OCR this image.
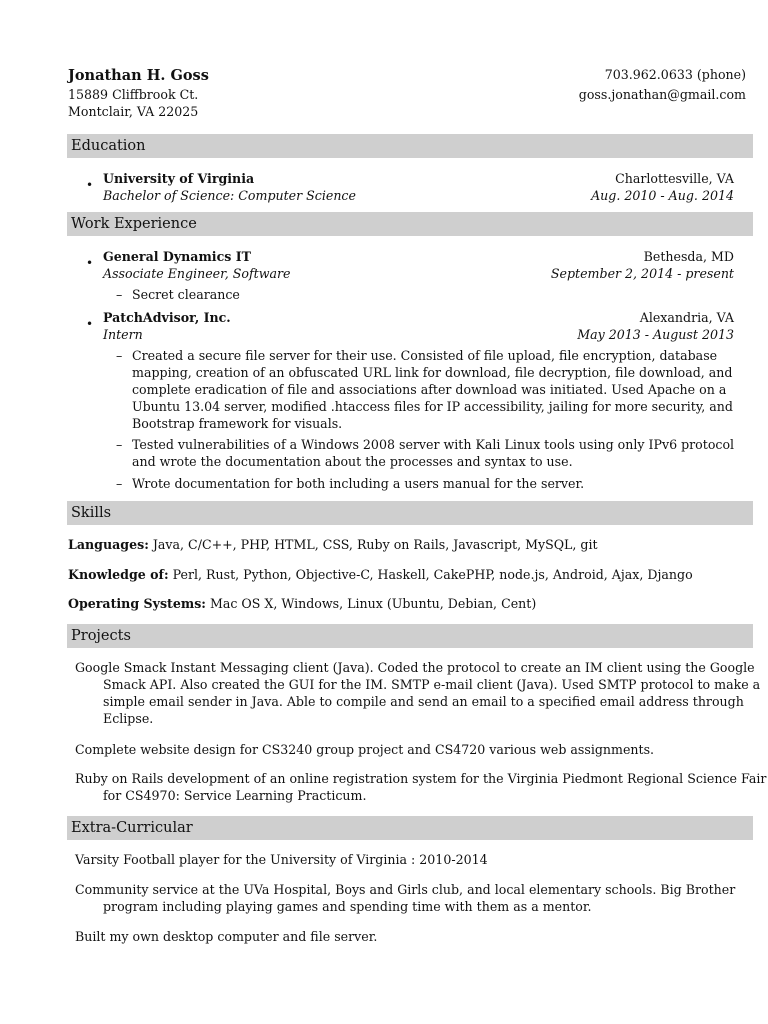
Jonathan H. Goss	703.962.0633 (phone)
15889 Cliffbrook Ct.	goss.jonathan@gmail.com
Montclair, VA 22025
Education
• University of Virginia	Charlottesville, VA
Bachelor of Science: Computer Science	Aug. 2010 - Aug. 2014
Work Experience
• General Dynamics IT	Bethesda, MD
Associate Engineer, Software	September 2, 2014 - present
– Secret clearance
• PatchAdvisor, Inc.	Alexandria, VA
Intern	May 2013 - August 2013
– Created a secure file server for their use. Consisted of file upload, file encryption, database mapping, creation of an obfuscated URL link for download, file decryption, file download, and complete eradication of file and associations after download was initiated. Used Apache on a Ubuntu 13.04 server, modified .htaccess files for IP accessibility, jailing for more security, and Bootstrap framework for visuals.
– Tested vulnerabilities of a Windows 2008 server with Kali Linux tools using only IPv6 protocol and wrote the documentation about the processes and syntax to use.
– Wrote documentation for both including a users manual for the server.
Skills
Languages: Java, C/C++, PHP, HTML, CSS, Ruby on Rails, Javascript, MySQL, git
Knowledge of: Perl, Rust, Python, Objective-C, Haskell, CakePHP, node.js, Android, Ajax, Django
Operating Systems: Mac OS X, Windows, Linux (Ubuntu, Debian, Cent)
Projects
Google Smack Instant Messaging client (Java). Coded the protocol to create an IM client using the Google Smack API. Also created the GUI for the IM. SMTP e-mail client (Java). Used SMTP protocol to make a simple email sender in Java. Able to compile and send an email to a specified email address through Eclipse.
Complete website design for CS3240 group project and CS4720 various web assignments.
Ruby on Rails development of an online registration system for the Virginia Piedmont Regional Science Fair for CS4970: Service Learning Practicum.
Extra-Curricular
Varsity Football player for the University of Virginia : 2010-2014
Community service at the UVa Hospital, Boys and Girls club, and local elementary schools. Big Brother program including playing games and spending time with them as a mentor.
Built my own desktop computer and file server.
